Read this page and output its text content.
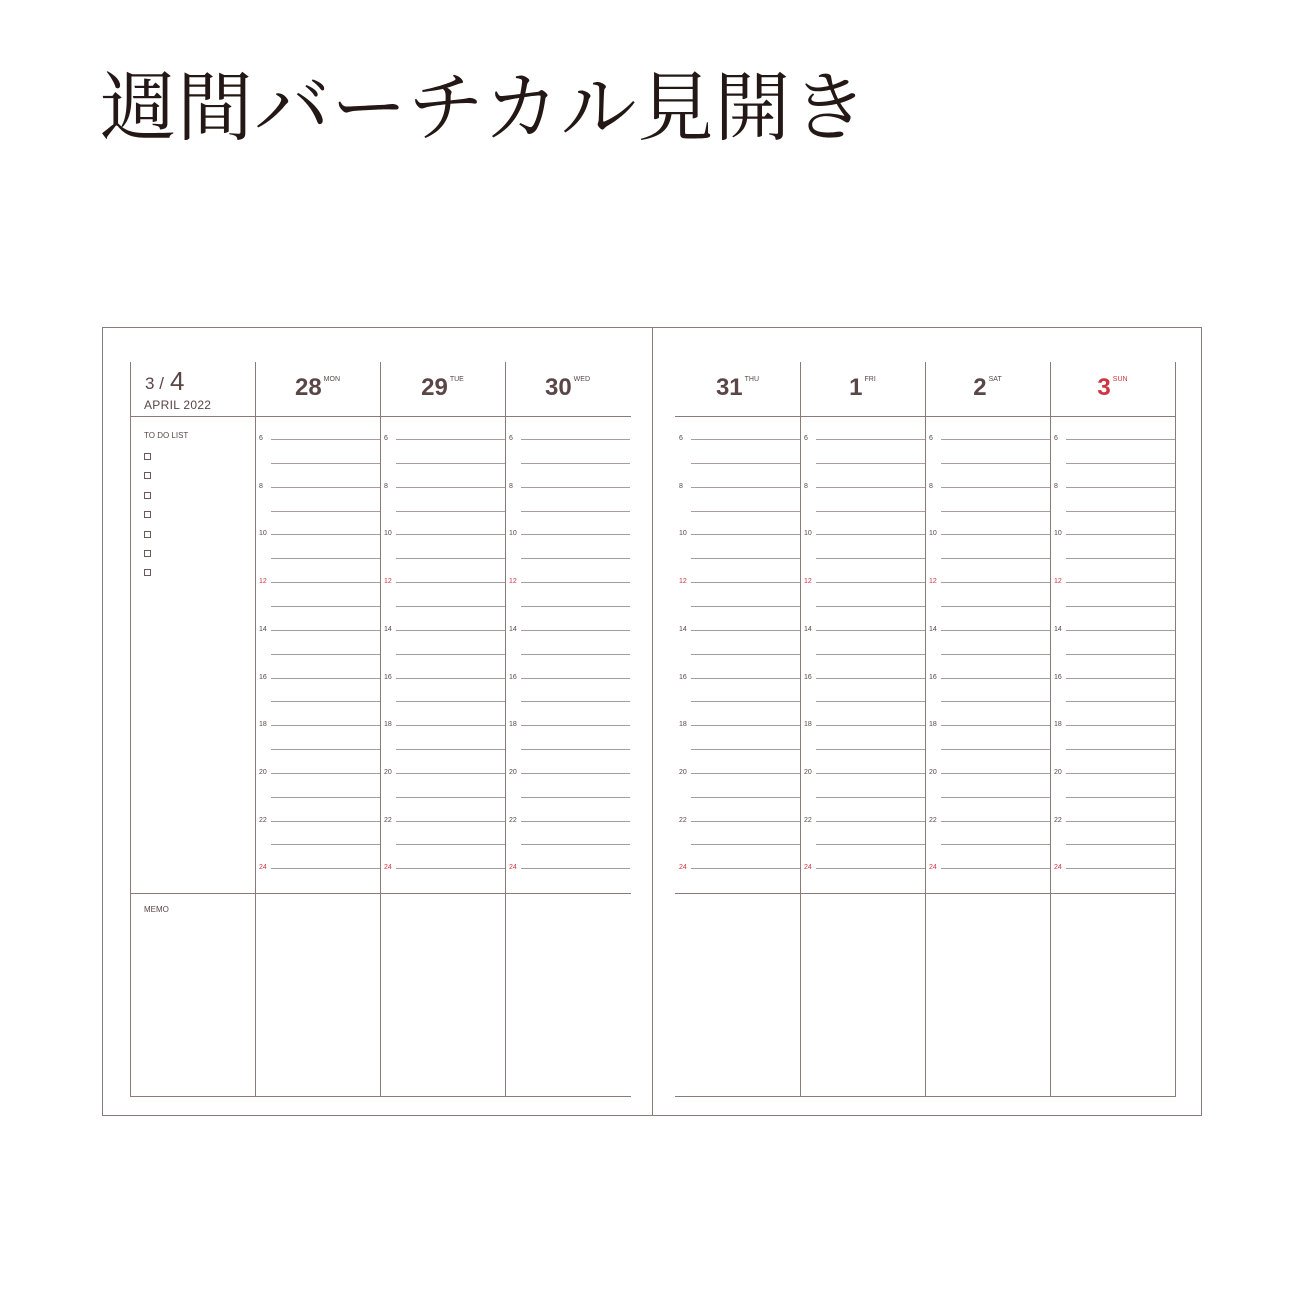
週間バーチカル見開き
3 / 4
APRIL 2022
TO DO LIST
MEMO
28 $^{MON}$
6
8
10
12
14
16
18
20
22
24
29 $^{TUE}$
6
8
10
12
14
16
18
20
22
24
30 $^{WED}$
6
8
10
12
14
16
18
20
22
24
31 $^{THU}$
6
8
10
12
14
16
18
20
22
24
1 $^{FRI}$
6
8
10
12
14
16
18
20
22
24
2 $^{SAT}$
6
8
10
12
14
16
18
20
22
24
3 $^{SUN}$
6
8
10
12
14
16
18
20
22
24
